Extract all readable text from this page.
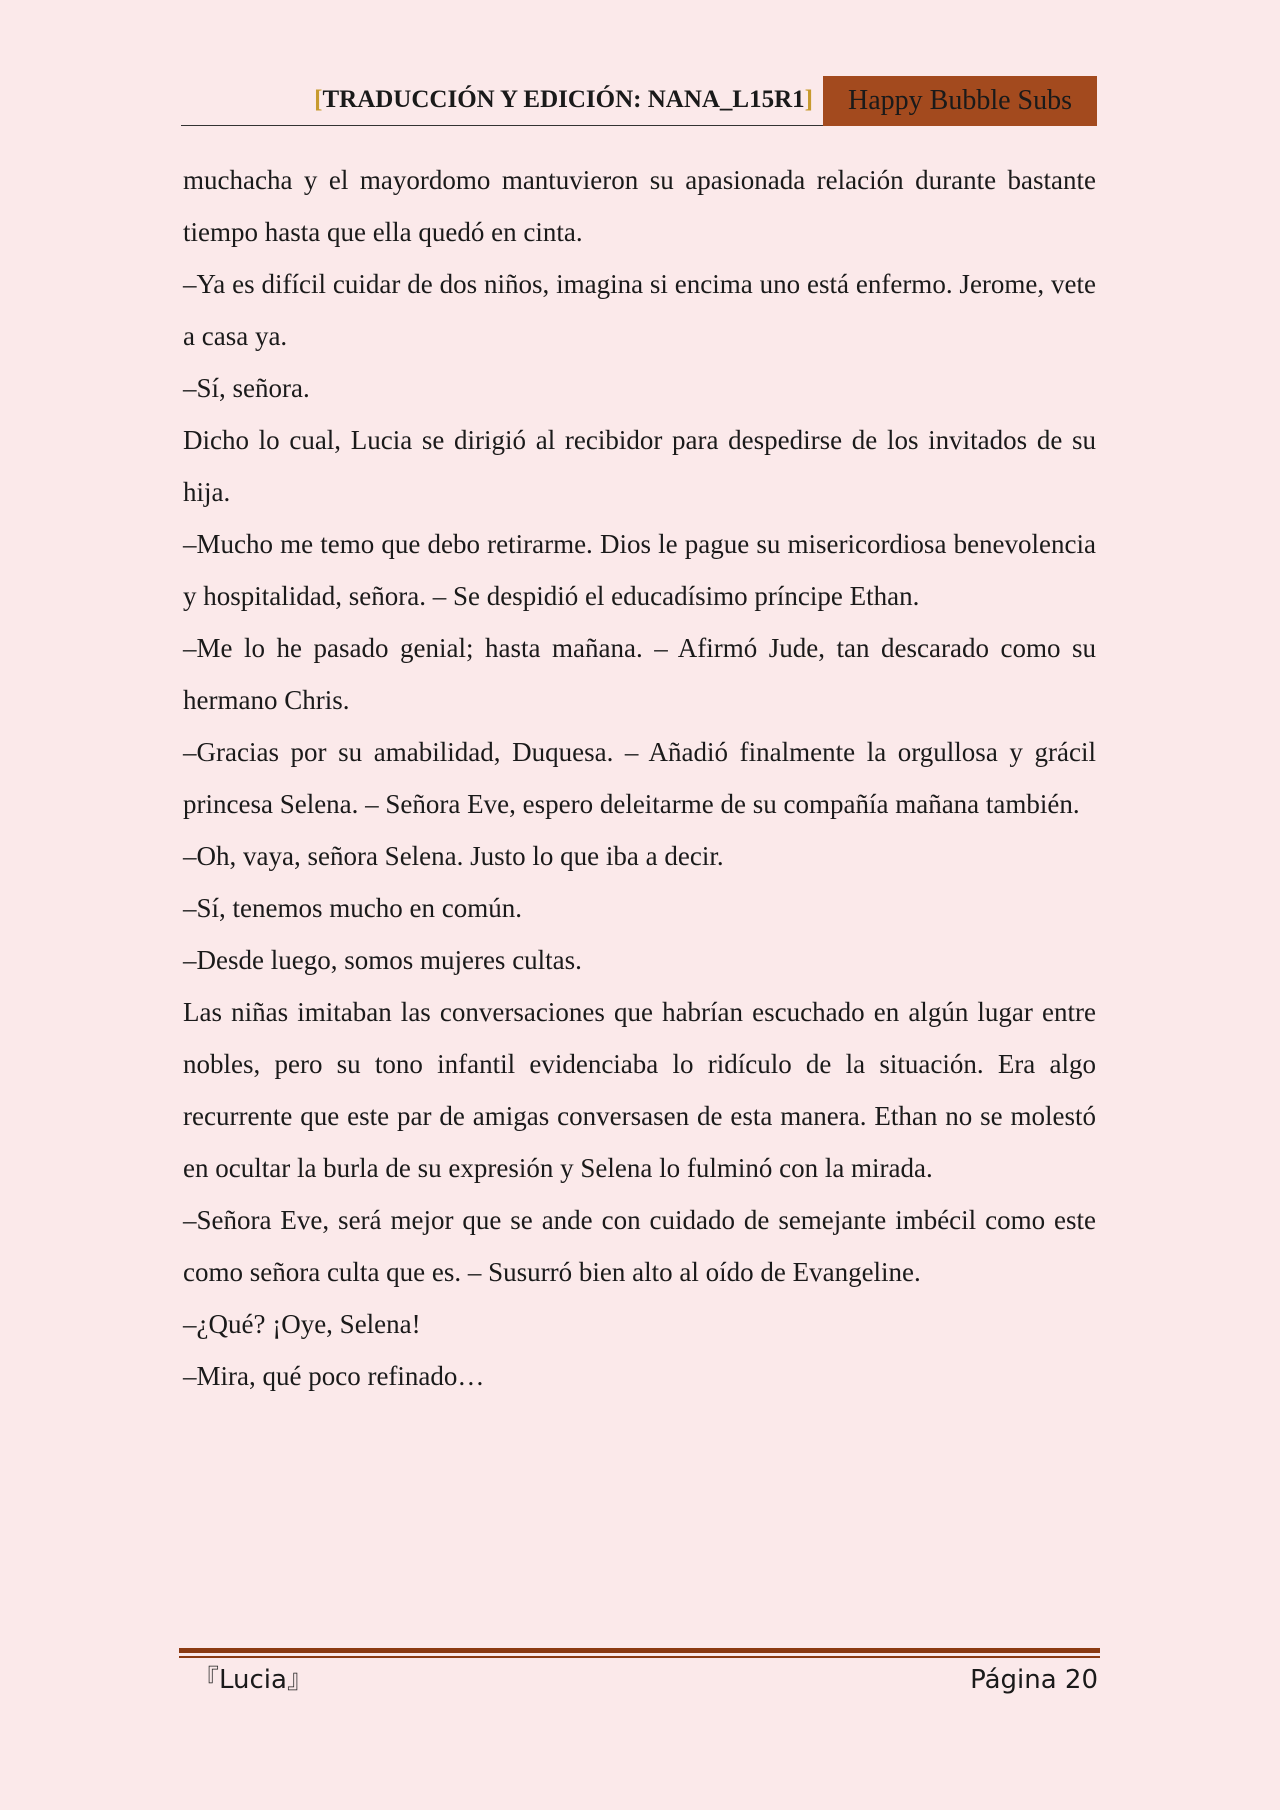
[TRADUCCIÓN Y EDICIÓN: NANA_L15R1]	Happy Bubble Subs

muchacha y el mayordomo mantuvieron su apasionada relación durante bastante tiempo hasta que ella quedó en cinta.

–Ya es difícil cuidar de dos niños, imagina si encima uno está enfermo. Jerome, vete a casa ya.

–Sí, señora.

Dicho lo cual, Lucia se dirigió al recibidor para despedirse de los invitados de su hija.

–Mucho me temo que debo retirarme. Dios le pague su misericordiosa benevolencia y hospitalidad, señora. – Se despidió el educadísimo príncipe Ethan.

–Me lo he pasado genial; hasta mañana. – Afirmó Jude, tan descarado como su hermano Chris.

–Gracias por su amabilidad, Duquesa. – Añadió finalmente la orgullosa y grácil princesa Selena. – Señora Eve, espero deleitarme de su compañía mañana también.

–Oh, vaya, señora Selena. Justo lo que iba a decir.

–Sí, tenemos mucho en común.

–Desde luego, somos mujeres cultas.

Las niñas imitaban las conversaciones que habrían escuchado en algún lugar entre nobles, pero su tono infantil evidenciaba lo ridículo de la situación. Era algo recurrente que este par de amigas conversasen de esta manera. Ethan no se molestó en ocultar la burla de su expresión y Selena lo fulminó con la mirada.

–Señora Eve, será mejor que se ande con cuidado de semejante imbécil como este como señora culta que es. – Susurró bien alto al oído de Evangeline.

–¿Qué? ¡Oye, Selena!

–Mira, qué poco refinado…

『Lucia』	Página 20
